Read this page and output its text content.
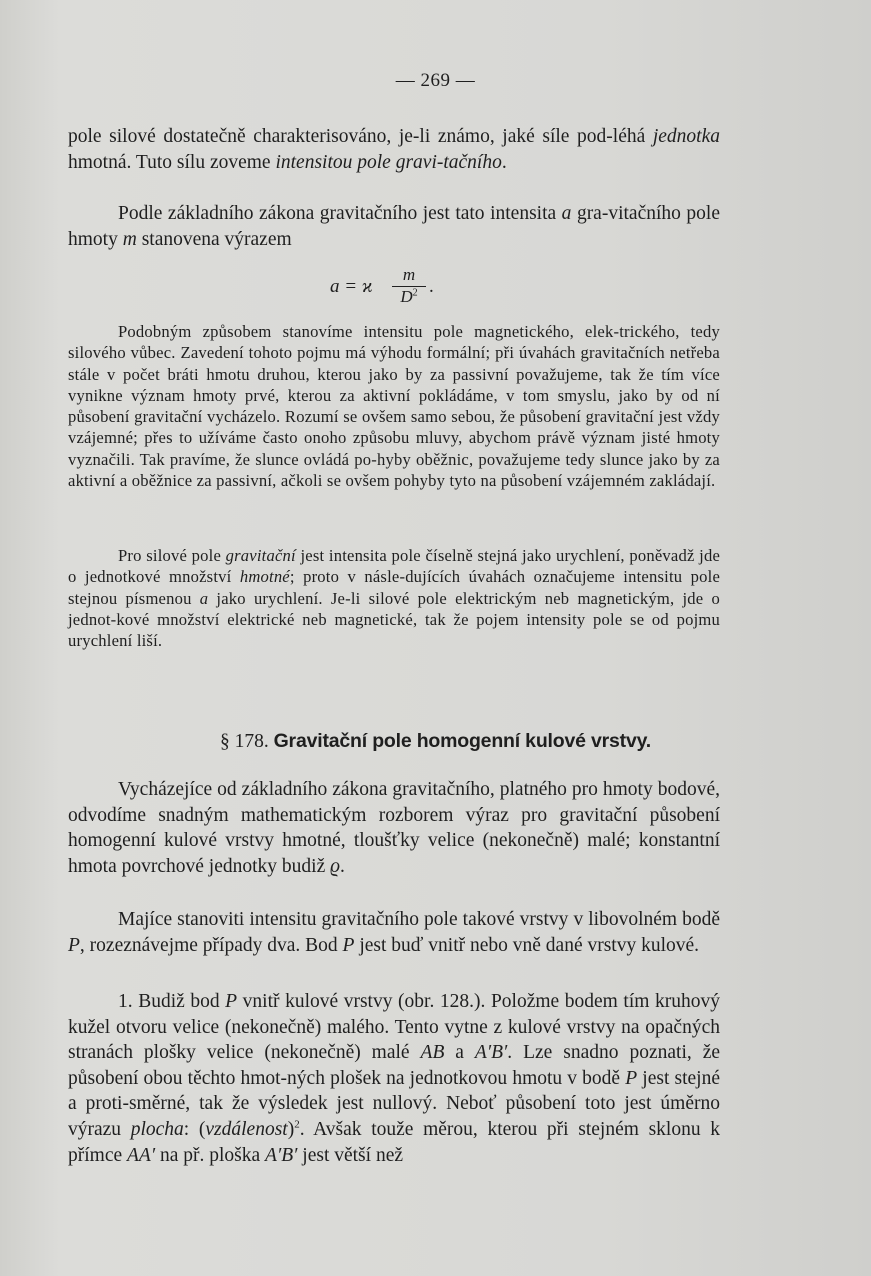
— 269 —
pole silové dostatečně charakterisováno, je-li známo, jaké síle pod-léhá jednotka hmotná. Tuto sílu zoveme intensitou pole gravi-tačního.
Podle základního zákona gravitačního jest tato intensita a gra-vitačního pole hmoty m stanovena výrazem
a = ϰ
m
$D^2$ .
Podobným způsobem stanovíme intensitu pole magnetického, elek-trického, tedy silového vůbec. Zavedení tohoto pojmu má výhodu formální; při úvahách gravitačních netřeba stále v počet bráti hmotu druhou, kterou jako by za passivní považujeme, tak že tím více vynikne význam hmoty prvé, kterou za aktivní pokládáme, v tom smyslu, jako by od ní působení gravitační vycházelo. Rozumí se ovšem samo sebou, že působení gravitační jest vždy vzájemné; přes to užíváme často onoho způsobu mluvy, abychom právě význam jisté hmoty vyznačili. Tak pravíme, že slunce ovládá po-hyby oběžnic, považujeme tedy slunce jako by za aktivní a oběžnice za passivní, ačkoli se ovšem pohyby tyto na působení vzájemném zakládají.
Pro silové pole gravitační jest intensita pole číselně stejná jako urychlení, poněvadž jde o jednotkové množství hmotné; proto v násle-dujících úvahách označujeme intensitu pole stejnou písmenou a jako urychlení. Je-li silové pole elektrickým neb magnetickým, jde o jednot-kové množství elektrické neb magnetické, tak že pojem intensity pole se od pojmu urychlení liší.
§ 178. Gravitační pole homogenní kulové vrstvy.
Vycházejíce od základního zákona gravitačního, platného pro hmoty bodové, odvodíme snadným mathematickým rozborem výraz pro gravitační působení homogenní kulové vrstvy hmotné, tloušťky velice (nekonečně) malé; konstantní hmota povrchové jednotky budiž ϱ.
Majíce stanoviti intensitu gravitačního pole takové vrstvy v libovolném bodě P, rozeznávejme případy dva. Bod P jest buď vnitř nebo vně dané vrstvy kulové.
1. Budiž bod P vnitř kulové vrstvy (obr. 128.). Položme bodem tím kruhový kužel otvoru velice (nekonečně) malého. Tento vytne z kulové vrstvy na opačných stranách plošky velice (nekonečně) malé AB a A′B′. Lze snadno poznati, že působení obou těchto hmot-ných plošek na jednotkovou hmotu v bodě P jest stejné a proti-směrné, tak že výsledek jest nullový. Neboť působení toto jest úměrno výrazu plocha: (vzdálenost)$^2$. Avšak touže měrou, kterou při stejném sklonu k přímce AA′ na př. ploška A′B′ jest větší než
